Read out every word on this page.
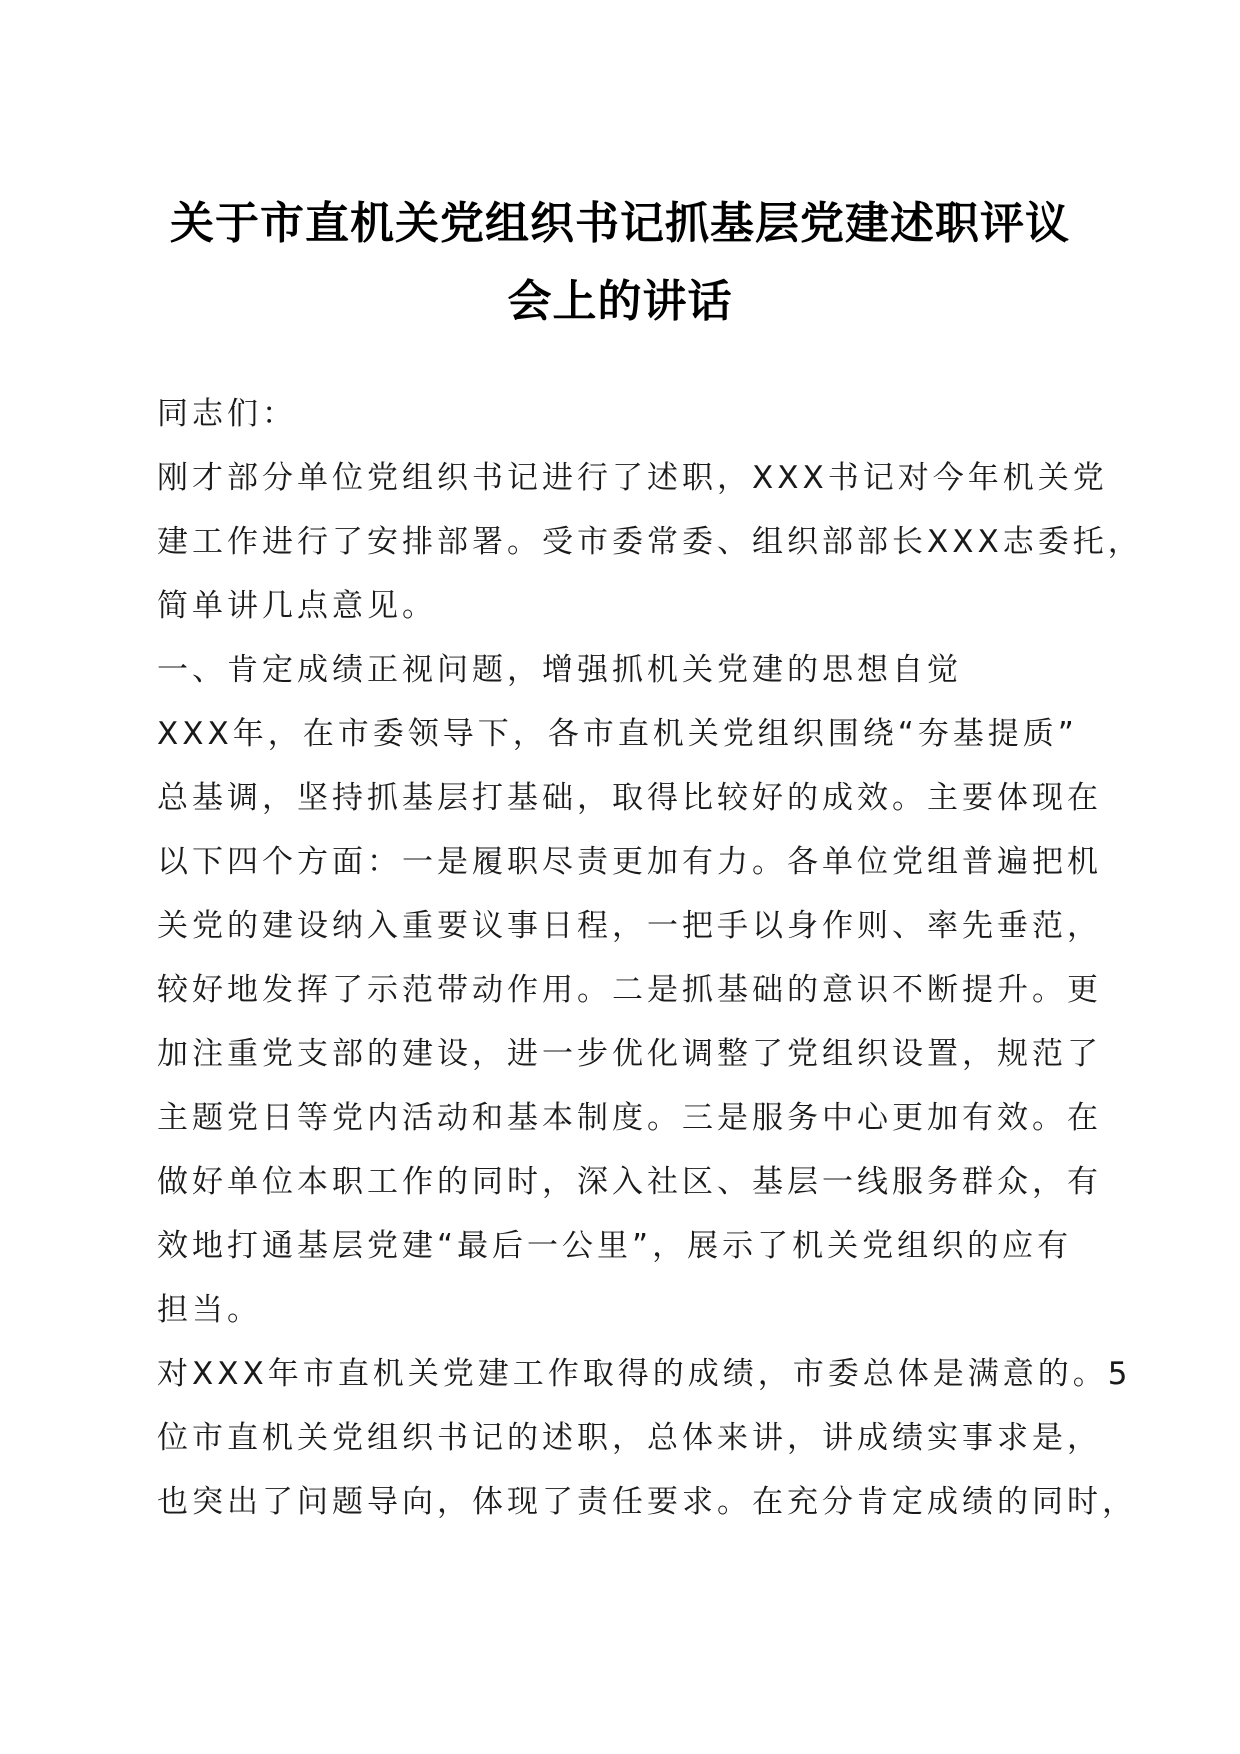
关于市直机关党组织书记抓基层党建述职评议
会上的讲话
同志们：
刚才部分单位党组织书记进行了述职，XXX书记对今年机关党
建工作进行了安排部署。受市委常委、组织部部长XXX志委托，
简单讲几点意见。
一、肯定成绩正视问题，增强抓机关党建的思想自觉
XXX年，在市委领导下，各市直机关党组织围绕“夯基提质”
总基调，坚持抓基层打基础，取得比较好的成效。主要体现在
以下四个方面：一是履职尽责更加有力。各单位党组普遍把机
关党的建设纳入重要议事日程，一把手以身作则、率先垂范，
较好地发挥了示范带动作用。二是抓基础的意识不断提升。更
加注重党支部的建设，进一步优化调整了党组织设置，规范了
主题党日等党内活动和基本制度。三是服务中心更加有效。在
做好单位本职工作的同时，深入社区、基层一线服务群众，有
效地打通基层党建“最后一公里”，展示了机关党组织的应有
担当。
对XXX年市直机关党建工作取得的成绩，市委总体是满意的。5
位市直机关党组织书记的述职，总体来讲，讲成绩实事求是，
也突出了问题导向，体现了责任要求。在充分肯定成绩的同时，
